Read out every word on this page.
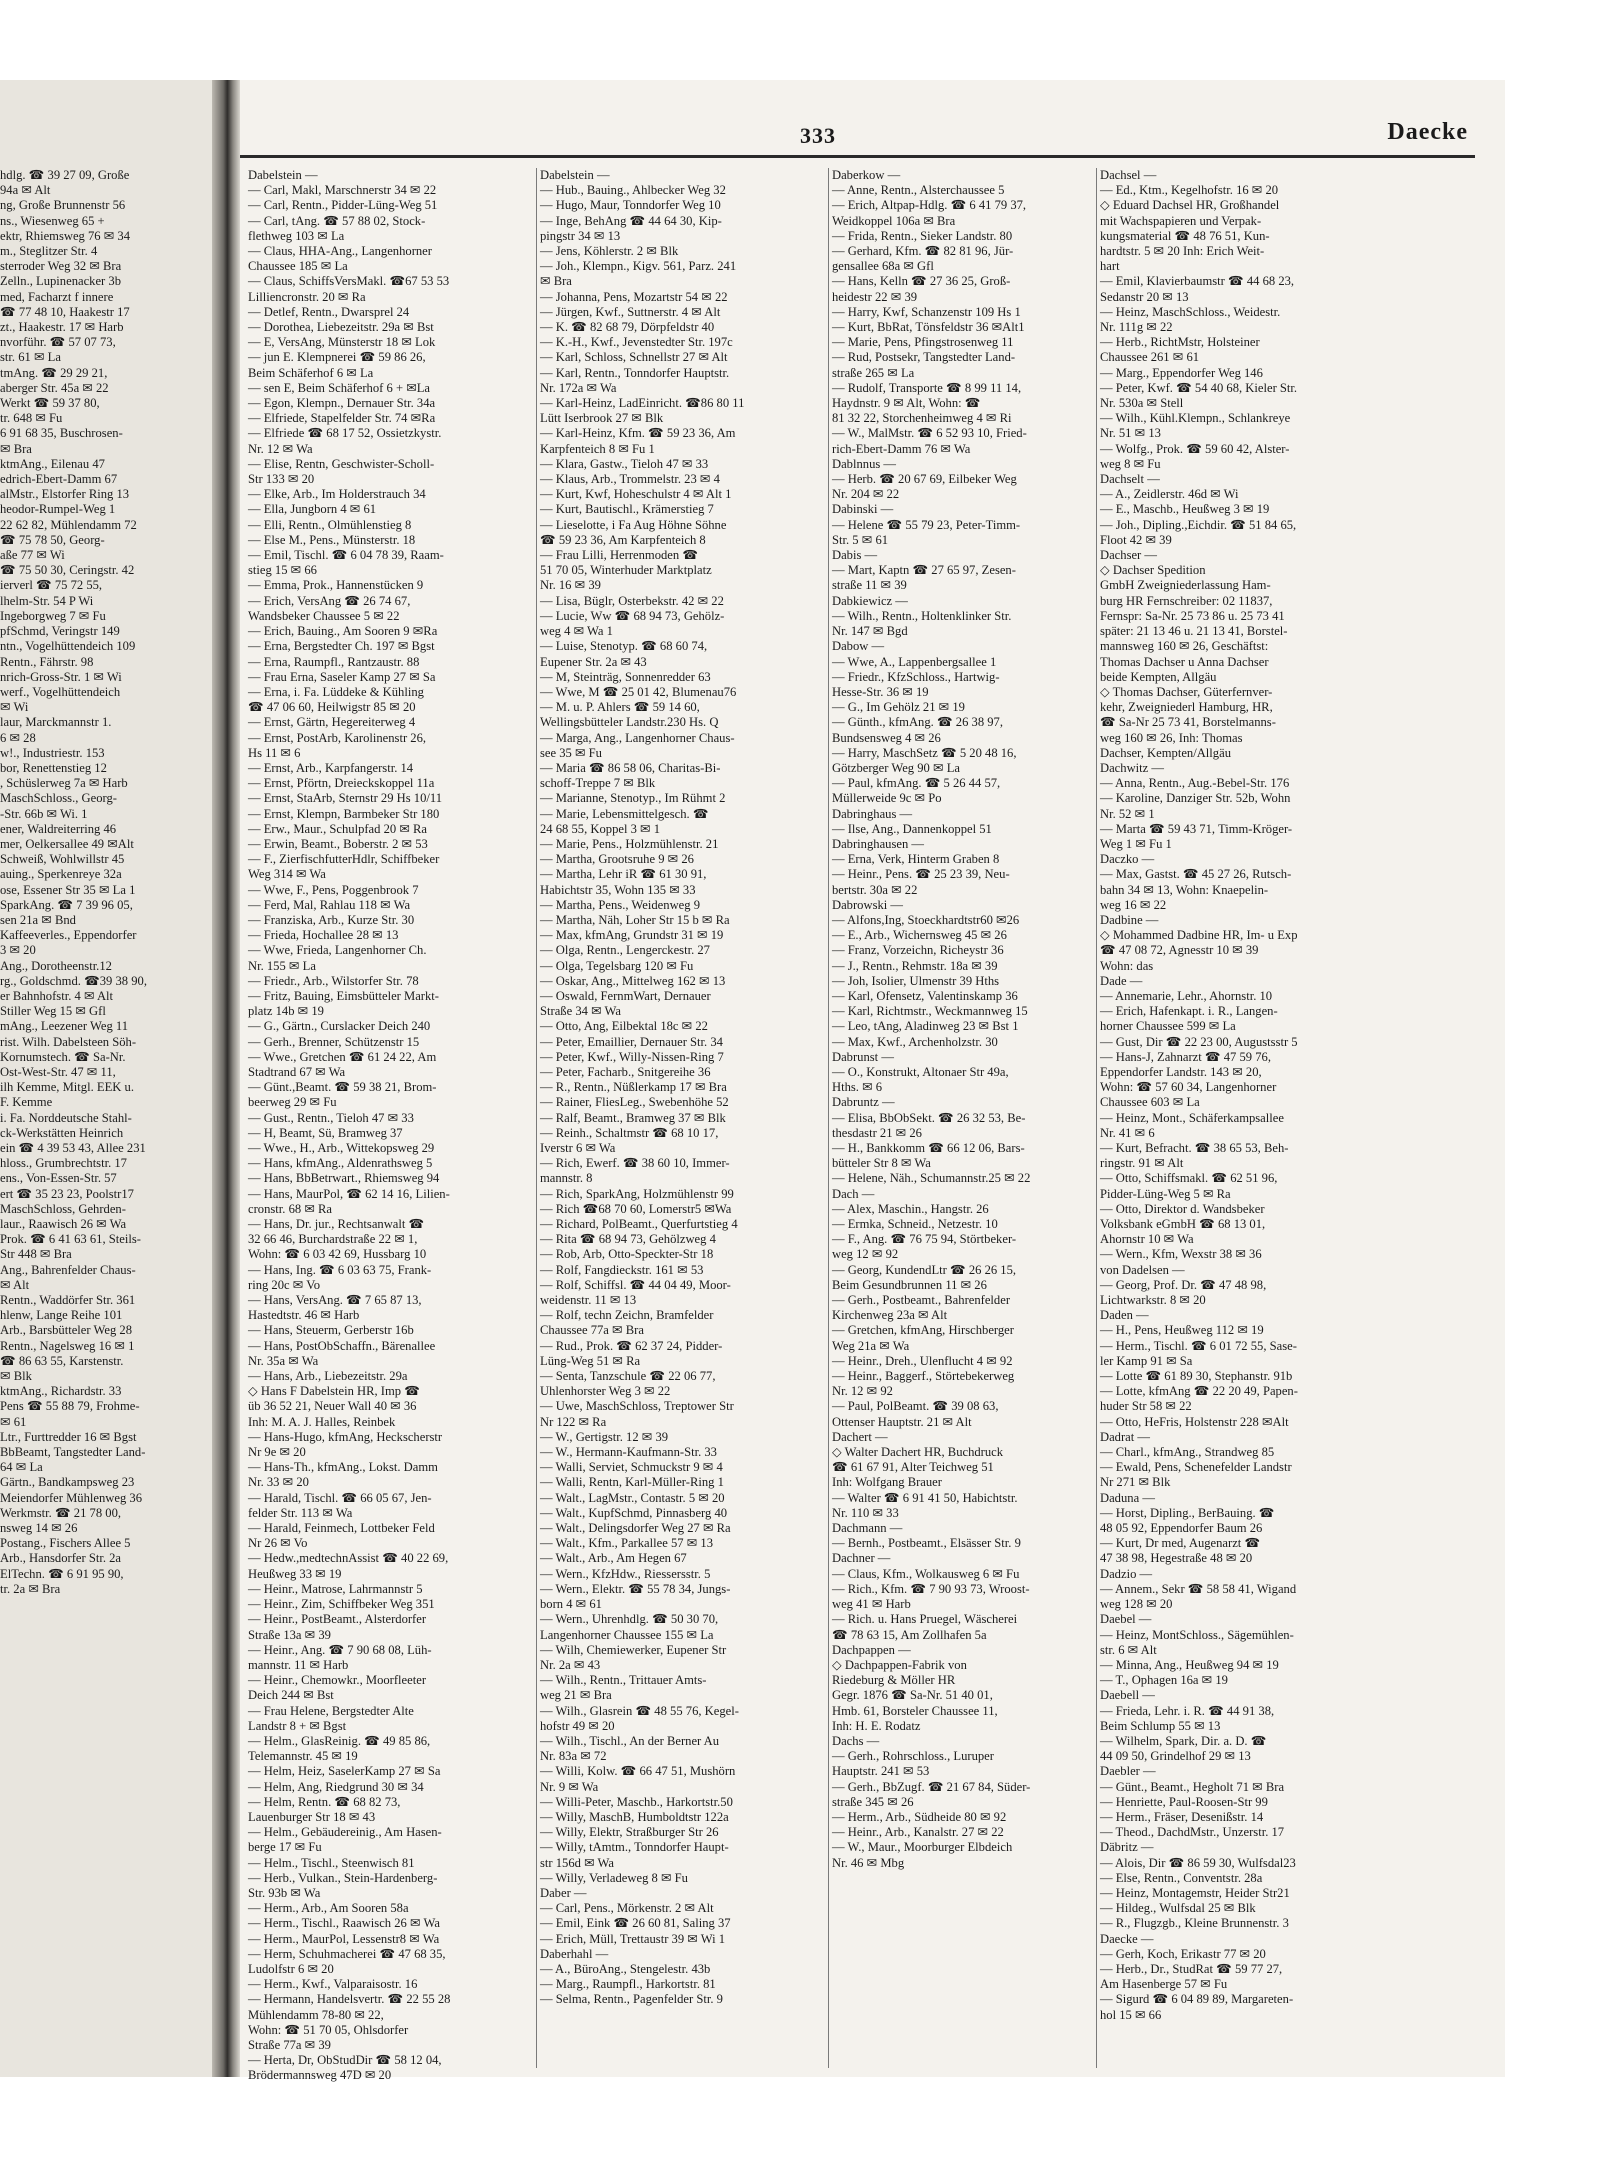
333	Daecke
hdlg. ☎ 39 27 09, Große
94a ✉ Alt
ng, Große Brunnenstr 56
ns., Wiesenweg 65 +
ektr, Rhiemsweg 76 ✉ 34
m., Steglitzer Str. 4
sterroder Weg 32 ✉ Bra
Zelln., Lupinenacker 3b
med, Facharzt f innere
☎ 77 48 10, Haakestr 17
zt., Haakestr. 17 ✉ Harb
nvorführ. ☎ 57 07 73,
str. 61 ✉ La
tmAng. ☎ 29 29 21,
aberger Str. 45a ✉ 22
Werkt ☎ 59 37 80,
tr. 648 ✉ Fu
6 91 68 35, Buschrosen-
✉ Bra
ktmAng., Eilenau 47
edrich-Ebert-Damm 67
alMstr., Elstorfer Ring 13
heodor-Rumpel-Weg 1
22 62 82, Mühlendamm 72
☎ 75 78 50, Georg-
aße 77 ✉ Wi
☎ 75 50 30, Ceringstr. 42
ierverl ☎ 75 72 55,
lhelm-Str. 54 P Wi
Ingeborgweg 7 ✉ Fu
pfSchmd, Veringstr 149
ntn., Vogelhüttendeich 109
Rentn., Fährstr. 98
nrich-Gross-Str. 1 ✉ Wi
werf., Vogelhüttendeich
✉ Wi
laur, Marckmannstr 1.
6 ✉ 28
w!., Industriestr. 153
bor, Renettenstieg 12
, Schüslerweg 7a ✉ Harb
MaschSchloss., Georg-
-Str. 66b ✉ Wi. 1
ener, Waldreiterring 46
mer, Oelkersallee 49 ✉Alt
Schweiß, Wohlwillstr 45
auing., Sperkenreye 32a
ose, Essener Str 35 ✉ La 1
SparkAng. ☎ 7 39 96 05,
sen 21a ✉ Bnd
Kaffeeverles., Eppendorfer
3 ✉ 20
Ang., Dorotheenstr.12
rg., Goldschmd. ☎39 38 90,
er Bahnhofstr. 4 ✉ Alt
Stiller Weg 15 ✉ Gfl
mAng., Leezener Weg 11
rist. Wilh. Dabelsteen Söh-
Kornumstech. ☎ Sa-Nr.
Ost-West-Str. 47 ✉ 11,
ilh Kemme, Mitgl. EEK u.
F. Kemme
i. Fa. Norddeutsche Stahl-
ck-Werkstätten Heinrich
ein ☎ 4 39 53 43, Allee 231
hloss., Grumbrechtstr. 17
ens., Von-Essen-Str. 57
ert ☎ 35 23 23, Poolstr17
MaschSchloss, Gehrden-
laur., Raawisch 26 ✉ Wa
Prok. ☎ 6 41 63 61, Steils-
Str 448 ✉ Bra
Ang., Bahrenfelder Chaus-
✉ Alt
Rentn., Waddörfer Str. 361
hlenw, Lange Reihe 101
Arb., Barsbütteler Weg 28
Rentn., Nagelsweg 16 ✉ 1
☎ 86 63 55, Karstenstr.
✉ Blk
ktmAng., Richardstr. 33
Pens ☎ 55 88 79, Frohme-
✉ 61
Ltr., Furttredder 16 ✉ Bgst
BbBeamt, Tangstedter Land-
64 ✉ La
Gärtn., Bandkampsweg 23
Meiendorfer Mühlenweg 36
Werkmstr. ☎ 21 78 00,
nsweg 14 ✉ 26
Postang., Fischers Allee 5
Arb., Hansdorfer Str. 2a
ElTechn. ☎ 6 91 95 90,
tr. 2a ✉ Bra
Dabelstein —
— Carl, Makl, Marschnerstr 34 ✉ 22
— Carl, Rentn., Pidder-Lüng-Weg 51
— Carl, tAng. ☎ 57 88 02, Stock-
flethweg 103 ✉ La
— Claus, HHA-Ang., Langenhorner
Chaussee 185 ✉ La
— Claus, SchiffsVersMakl. ☎67 53 53
Lilliencronstr. 20 ✉ Ra
— Detlef, Rentn., Dwarsprel 24
— Dorothea, Liebezeitstr. 29a ✉ Bst
— E, VersAng, Münsterstr 18 ✉ Lok
— jun E. Klempnerei ☎ 59 86 26,
Beim Schäferhof 6 ✉ La
— sen E, Beim Schäferhof 6 + ✉La
— Egon, Klempn., Dernauer Str. 34a
— Elfriede, Stapelfelder Str. 74 ✉Ra
— Elfriede ☎ 68 17 52, Ossietzkystr.
Nr. 12 ✉ Wa
— Elise, Rentn, Geschwister-Scholl-
Str 133 ✉ 20
— Elke, Arb., Im Holderstrauch 34
— Ella, Jungborn 4 ✉ 61
— Elli, Rentn., Olmühlenstieg 8
— Else M., Pens., Münsterstr. 18
— Emil, Tischl. ☎ 6 04 78 39, Raam-
stieg 15 ✉ 66
— Emma, Prok., Hannenstücken 9
— Erich, VersAng ☎ 26 74 67,
Wandsbeker Chaussee 5 ✉ 22
— Erich, Bauing., Am Sooren 9 ✉Ra
— Erna, Bergstedter Ch. 197 ✉ Bgst
— Erna, Raumpfl., Rantzaustr. 88
— Frau Erna, Saseler Kamp 27 ✉ Sa
— Erna, i. Fa. Lüddeke & Kühling
☎ 47 06 60, Heilwigstr 85 ✉ 20
— Ernst, Gärtn, Hegereiterweg 4
— Ernst, PostArb, Karolinenstr 26,
Hs 11 ✉ 6
— Ernst, Arb., Karpfangerstr. 14
— Ernst, Pförtn, Dreieckskoppel 11a
— Ernst, StaArb, Sternstr 29 Hs 10/11
— Ernst, Klempn, Barmbeker Str 180
— Erw., Maur., Schulpfad 20 ✉ Ra
— Erwin, Beamt., Boberstr. 2 ✉ 53
— F., ZierfischfutterHdlr, Schiffbeker
Weg 314 ✉ Wa
— Wwe, F., Pens, Poggenbrook 7
— Ferd, Mal, Rahlau 118 ✉ Wa
— Franziska, Arb., Kurze Str. 30
— Frieda, Hochallee 28 ✉ 13
— Wwe, Frieda, Langenhorner Ch.
Nr. 155 ✉ La
— Friedr., Arb., Wilstorfer Str. 78
— Fritz, Bauing, Eimsbütteler Markt-
platz 14b ✉ 19
— G., Gärtn., Curslacker Deich 240
— Gerh., Brenner, Schützenstr 15
— Wwe., Gretchen ☎ 61 24 22, Am
Stadtrand 67 ✉ Wa
— Günt.,Beamt. ☎ 59 38 21, Brom-
beerweg 29 ✉ Fu
— Gust., Rentn., Tieloh 47 ✉ 33
— H, Beamt, Sü, Bramweg 37
— Wwe., H., Arb., Wittekopsweg 29
— Hans, kfmAng., Aldenrathsweg 5
— Hans, BbBetrwart., Rhiemsweg 94
— Hans, MaurPol, ☎ 62 14 16, Lilien-
cronstr. 68 ✉ Ra
— Hans, Dr. jur., Rechtsanwalt ☎
32 66 46, Burchardstraße 22 ✉ 1,
Wohn: ☎ 6 03 42 69, Hussbarg 10
— Hans, Ing. ☎ 6 03 63 75, Frank-
ring 20c ✉ Vo
— Hans, VersAng. ☎ 7 65 87 13,
Hastedtstr. 46 ✉ Harb
— Hans, Steuerm, Gerberstr 16b
— Hans, PostObSchaffn., Bärenallee
Nr. 35a ✉ Wa
— Hans, Arb., Liebezeitstr. 29a
◇ Hans F Dabelstein HR, Imp ☎
üb 36 52 21, Neuer Wall 40 ✉ 36
Inh: M. A. J. Halles, Reinbek
— Hans-Hugo, kfmAng, Heckscherstr
Nr 9e ✉ 20
— Hans-Th., kfmAng., Lokst. Damm
Nr. 33 ✉ 20
— Harald, Tischl. ☎ 66 05 67, Jen-
felder Str. 113 ✉ Wa
— Harald, Feinmech, Lottbeker Feld
Nr 26 ✉ Vo
— Hedw.,medtechnAssist ☎ 40 22 69,
Heußweg 33 ✉ 19
— Heinr., Matrose, Lahrmannstr 5
— Heinr., Zim, Schiffbeker Weg 351
— Heinr., PostBeamt., Alsterdorfer
Straße 13a ✉ 39
— Heinr., Ang. ☎ 7 90 68 08, Lüh-
mannstr. 11 ✉ Harb
— Heinr., Chemowkr., Moorfleeter
Deich 244 ✉ Bst
— Frau Helene, Bergstedter Alte
Landstr 8 + ✉ Bgst
— Helm., GlasReinig. ☎ 49 85 86,
Telemannstr. 45 ✉ 19
— Helm, Heiz, SaselerKamp 27 ✉ Sa
— Helm, Ang, Riedgrund 30 ✉ 34
— Helm, Rentn. ☎ 68 82 73,
Lauenburger Str 18 ✉ 43
— Helm., Gebäudereinig., Am Hasen-
berge 17 ✉ Fu
— Helm., Tischl., Steenwisch 81
— Herb., Vulkan., Stein-Hardenberg-
Str. 93b ✉ Wa
— Herm., Arb., Am Sooren 58a
— Herm., Tischl., Raawisch 26 ✉ Wa
— Herm., MaurPol, Lessenstr8 ✉ Wa
— Herm, Schuhmacherei ☎ 47 68 35,
Ludolfstr 6 ✉ 20
— Herm., Kwf., Valparaisostr. 16
— Hermann, Handelsvertr. ☎ 22 55 28
Mühlendamm 78-80 ✉ 22,
Wohn: ☎ 51 70 05, Ohlsdorfer
Straße 77a ✉ 39
— Herta, Dr, ObStudDir ☎ 58 12 04,
Brödermannsweg 47D ✉ 20
Dabelstein —
— Hub., Bauing., Ahlbecker Weg 32
— Hugo, Maur, Tonndorfer Weg 10
— Inge, BehAng ☎ 44 64 30, Kip-
pingstr 34 ✉ 13
— Jens, Köhlerstr. 2 ✉ Blk
— Joh., Klempn., Kigv. 561, Parz. 241
✉ Bra
— Johanna, Pens, Mozartstr 54 ✉ 22
— Jürgen, Kwf., Suttnerstr. 4 ✉ Alt
— K. ☎ 82 68 79, Dörpfeldstr 40
— K.-H., Kwf., Jevenstedter Str. 197c
— Karl, Schloss, Schnellstr 27 ✉ Alt
— Karl, Rentn., Tonndorfer Hauptstr.
Nr. 172a ✉ Wa
— Karl-Heinz, LadEinricht. ☎86 80 11
Lütt Iserbrook 27 ✉ Blk
— Karl-Heinz, Kfm. ☎ 59 23 36, Am
Karpfenteich 8 ✉ Fu 1
— Klara, Gastw., Tieloh 47 ✉ 33
— Klaus, Arb., Trommelstr. 23 ✉ 4
— Kurt, Kwf, Hoheschulstr 4 ✉ Alt 1
— Kurt, Bautischl., Krämerstieg 7
— Lieselotte, i Fa Aug Höhne Söhne
☎ 59 23 36, Am Karpfenteich 8
— Frau Lilli, Herrenmoden ☎
51 70 05, Winterhuder Marktplatz
Nr. 16 ✉ 39
— Lisa, Büglr, Osterbekstr. 42 ✉ 22
— Lucie, Ww ☎ 68 94 73, Gehölz-
weg 4 ✉ Wa 1
— Luise, Stenotyp. ☎ 68 60 74,
Eupener Str. 2a ✉ 43
— M, Steinträg, Sonnenredder 63
— Wwe, M ☎ 25 01 42, Blumenau76
— M. u. P. Ahlers ☎ 59 14 60,
Wellingsbütteler Landstr.230 Hs. Q
— Marga, Ang., Langenhorner Chaus-
see 35 ✉ Fu
— Maria ☎ 86 58 06, Charitas-Bi-
schoff-Treppe 7 ✉ Blk
— Marianne, Stenotyp., Im Rühmt 2
— Marie, Lebensmittelgesch. ☎
24 68 55, Koppel 3 ✉ 1
— Marie, Pens., Holzmühlenstr. 21
— Martha, Grootsruhe 9 ✉ 26
— Martha, Lehr iR ☎ 61 30 91,
Habichtstr 35, Wohn 135 ✉ 33
— Martha, Pens., Weidenweg 9
— Martha, Näh, Loher Str 15 b ✉ Ra
— Max, kfmAng, Grundstr 31 ✉ 19
— Olga, Rentn., Lengerckestr. 27
— Olga, Tegelsbarg 120 ✉ Fu
— Oskar, Ang., Mittelweg 162 ✉ 13
— Oswald, FernmWart, Dernauer
Straße 34 ✉ Wa
— Otto, Ang, Eilbektal 18c ✉ 22
— Peter, Emaillier, Dernauer Str. 34
— Peter, Kwf., Willy-Nissen-Ring 7
— Peter, Facharb., Snitgereihe 36
— R., Rentn., Nüßlerkamp 17 ✉ Bra
— Rainer, FliesLeg., Swebenhöhe 52
— Ralf, Beamt., Bramweg 37 ✉ Blk
— Reinh., Schaltmstr ☎ 68 10 17,
Iverstr 6 ✉ Wa
— Rich, Ewerf. ☎ 38 60 10, Immer-
mannstr. 8
— Rich, SparkAng, Holzmühlenstr 99
— Rich ☎68 70 60, Lomerstr5 ✉Wa
— Richard, PolBeamt., Querfurtstieg 4
— Rita ☎ 68 94 73, Gehölzweg 4
— Rob, Arb, Otto-Speckter-Str 18
— Rolf, Fangdieckstr. 161 ✉ 53
— Rolf, Schiffsl. ☎ 44 04 49, Moor-
weidenstr. 11 ✉ 13
— Rolf, techn Zeichn, Bramfelder
Chaussee 77a ✉ Bra
— Rud., Prok. ☎ 62 37 24, Pidder-
Lüng-Weg 51 ✉ Ra
— Senta, Tanzschule ☎ 22 06 77,
Uhlenhorster Weg 3 ✉ 22
— Uwe, MaschSchloss, Treptower Str
Nr 122 ✉ Ra
— W., Gertigstr. 12 ✉ 39
— W., Hermann-Kaufmann-Str. 33
— Walli, Serviet, Schmuckstr 9 ✉ 4
— Walli, Rentn, Karl-Müller-Ring 1
— Walt., LagMstr., Contastr. 5 ✉ 20
— Walt., KupfSchmd, Pinnasberg 40
— Walt., Delingsdorfer Weg 27 ✉ Ra
— Walt., Kfm., Parkallee 57 ✉ 13
— Walt., Arb., Am Hegen 67
— Wern., KfzHdw., Riessersstr. 5
— Wern., Elektr. ☎ 55 78 34, Jungs-
born 4 ✉ 61
— Wern., Uhrenhdlg. ☎ 50 30 70,
Langenhorner Chaussee 155 ✉ La
— Wilh, Chemiewerker, Eupener Str
Nr. 2a ✉ 43
— Wilh., Rentn., Trittauer Amts-
weg 21 ✉ Bra
— Wilh., Glasrein ☎ 48 55 76, Kegel-
hofstr 49 ✉ 20
— Wilh., Tischl., An der Berner Au
Nr. 83a ✉ 72
— Willi, Kolw. ☎ 66 47 51, Mushörn
Nr. 9 ✉ Wa
— Willi-Peter, Maschb., Harkortstr.50
— Willy, MaschB, Humboldtstr 122a
— Willy, Elektr, Straßburger Str 26
— Willy, tAmtm., Tonndorfer Haupt-
str 156d ✉ Wa
— Willy, Verladeweg 8 ✉ Fu
Daber —
— Carl, Pens., Mörkenstr. 2 ✉ Alt
— Emil, Eink ☎ 26 60 81, Saling 37
— Erich, Müll, Trettaustr 39 ✉ Wi 1
Daberhahl —
— A., BüroAng., Stengelestr. 43b
— Marg., Raumpfl., Harkortstr. 81
— Selma, Rentn., Pagenfelder Str. 9
Daberkow —
— Anne, Rentn., Alsterchaussee 5
— Erich, Altpap-Hdlg. ☎ 6 41 79 37,
Weidkoppel 106a ✉ Bra
— Frida, Rentn., Sieker Landstr. 80
— Gerhard, Kfm. ☎ 82 81 96, Jür-
gensallee 68a ✉ Gfl
— Hans, Kelln ☎ 27 36 25, Groß-
heidestr 22 ✉ 39
— Harry, Kwf, Schanzenstr 109 Hs 1
— Kurt, BbRat, Tönsfeldstr 36 ✉Alt1
— Marie, Pens, Pfingstrosenweg 11
— Rud, Postsekr, Tangstedter Land-
straße 265 ✉ La
— Rudolf, Transporte ☎ 8 99 11 14,
Haydnstr. 9 ✉ Alt, Wohn: ☎
81 32 22, Storchenheimweg 4 ✉ Ri
— W., MalMstr. ☎ 6 52 93 10, Fried-
rich-Ebert-Damm 76 ✉ Wa
Dablnnus —
— Herb. ☎ 20 67 69, Eilbeker Weg
Nr. 204 ✉ 22
Dabinski —
— Helene ☎ 55 79 23, Peter-Timm-
Str. 5 ✉ 61
Dabis —
— Mart, Kaptn ☎ 27 65 97, Zesen-
straße 11 ✉ 39
Dabkiewicz —
— Wilh., Rentn., Holtenklinker Str.
Nr. 147 ✉ Bgd
Dabow —
— Wwe, A., Lappenbergsallee 1
— Friedr., KfzSchloss., Hartwig-
Hesse-Str. 36 ✉ 19
— G., Im Gehölz 21 ✉ 19
— Günth., kfmAng. ☎ 26 38 97,
Bundsensweg 4 ✉ 26
— Harry, MaschSetz ☎ 5 20 48 16,
Götzberger Weg 90 ✉ La
— Paul, kfmAng. ☎ 5 26 44 57,
Müllerweide 9c ✉ Po
Dabringhaus —
— Ilse, Ang., Dannenkoppel 51
Dabringhausen —
— Erna, Verk, Hinterm Graben 8
— Heinr., Pens. ☎ 25 23 39, Neu-
bertstr. 30a ✉ 22
Dabrowski —
— Alfons,Ing, Stoeckhardtstr60 ✉26
— E., Arb., Wichernsweg 45 ✉ 26
— Franz, Vorzeichn, Richeystr 36
— J., Rentn., Rehmstr. 18a ✉ 39
— Joh, Isolier, Ulmenstr 39 Hths
— Karl, Ofensetz, Valentinskamp 36
— Karl, Richtmstr., Weckmannweg 15
— Leo, tAng, Aladinweg 23 ✉ Bst 1
— Max, Kwf., Archenholzstr. 30
Dabrunst —
— O., Konstrukt, Altonaer Str 49a,
Hths. ✉ 6
Dabruntz —
— Elisa, BbObSekt. ☎ 26 32 53, Be-
thesdastr 21 ✉ 26
— H., Bankkomm ☎ 66 12 06, Bars-
bütteler Str 8 ✉ Wa
— Helene, Näh., Schumannstr.25 ✉ 22
Dach —
— Alex, Maschin., Hangstr. 26
— Ermka, Schneid., Netzestr. 10
— F., Ang. ☎ 76 75 94, Störtbeker-
weg 12 ✉ 92
— Georg, KundendLtr ☎ 26 26 15,
Beim Gesundbrunnen 11 ✉ 26
— Gerh., Postbeamt., Bahrenfelder
Kirchenweg 23a ✉ Alt
— Gretchen, kfmAng, Hirschberger
Weg 21a ✉ Wa
— Heinr., Dreh., Ulenflucht 4 ✉ 92
— Heinr., Baggerf., Störtebekerweg
Nr. 12 ✉ 92
— Paul, PolBeamt. ☎ 39 08 63,
Ottenser Hauptstr. 21 ✉ Alt
Dachert —
◇ Walter Dachert HR, Buchdruck
☎ 61 67 91, Alter Teichweg 51
Inh: Wolfgang Brauer
— Walter ☎ 6 91 41 50, Habichtstr.
Nr. 110 ✉ 33
Dachmann —
— Bernh., Postbeamt., Elsässer Str. 9
Dachner —
— Claus, Kfm., Wolkausweg 6 ✉ Fu
— Rich., Kfm. ☎ 7 90 93 73, Wroost-
weg 41 ✉ Harb
— Rich. u. Hans Pruegel, Wäscherei
☎ 78 63 15, Am Zollhafen 5a
Dachpappen —
◇ Dachpappen-Fabrik von
Riedeburg & Möller HR
Gegr. 1876 ☎ Sa-Nr. 51 40 01,
Hmb. 61, Borsteler Chaussee 11,
Inh: H. E. Rodatz
Dachs —
— Gerh., Rohrschloss., Luruper
Hauptstr. 241 ✉ 53
— Gerh., BbZugf. ☎ 21 67 84, Süder-
straße 345 ✉ 26
— Herm., Arb., Südheide 80 ✉ 92
— Heinr., Arb., Kanalstr. 27 ✉ 22
— W., Maur., Moorburger Elbdeich
Nr. 46 ✉ Mbg
Dachsel —
— Ed., Ktm., Kegelhofstr. 16 ✉ 20
◇ Eduard Dachsel HR, Großhandel
mit Wachspapieren und Verpak-
kungsmaterial ☎ 48 76 51, Kun-
hardtstr. 5 ✉ 20 Inh: Erich Weit-
hart
— Emil, Klavierbaumstr ☎ 44 68 23,
Sedanstr 20 ✉ 13
— Heinz, MaschSchloss., Weidestr.
Nr. 111g ✉ 22
— Herb., RichtMstr, Holsteiner
Chaussee 261 ✉ 61
— Marg., Eppendorfer Weg 146
— Peter, Kwf. ☎ 54 40 68, Kieler Str.
Nr. 530a ✉ Stell
— Wilh., Kühl.Klempn., Schlankreye
Nr. 51 ✉ 13
— Wolfg., Prok. ☎ 59 60 42, Alster-
weg 8 ✉ Fu
Dachselt —
— A., Zeidlerstr. 46d ✉ Wi
— E., Maschb., Heußweg 3 ✉ 19
— Joh., Dipling.,Eichdir. ☎ 51 84 65,
Floot 42 ✉ 39
Dachser —
◇ Dachser Spedition
GmbH Zweigniederlassung Ham-
burg HR Fernschreiber: 02 11837,
Fernspr: Sa-Nr. 25 73 86 u. 25 73 41
später: 21 13 46 u. 21 13 41, Borstel-
mannsweg 160 ✉ 26, Geschäftst:
Thomas Dachser u Anna Dachser
beide Kempten, Allgäu
◇ Thomas Dachser, Güterfernver-
kehr, Zweigniederl Hamburg, HR,
☎ Sa-Nr 25 73 41, Borstelmanns-
weg 160 ✉ 26, Inh: Thomas
Dachser, Kempten/Allgäu
Dachwitz —
— Anna, Rentn., Aug.-Bebel-Str. 176
— Karoline, Danziger Str. 52b, Wohn
Nr. 52 ✉ 1
— Marta ☎ 59 43 71, Timm-Kröger-
Weg 1 ✉ Fu 1
Daczko —
— Max, Gastst. ☎ 45 27 26, Rutsch-
bahn 34 ✉ 13, Wohn: Knaepelin-
weg 16 ✉ 22
Dadbine —
◇ Mohammed Dadbine HR, Im- u Exp
☎ 47 08 72, Agnesstr 10 ✉ 39
Wohn: das
Dade —
— Annemarie, Lehr., Ahornstr. 10
— Erich, Hafenkapt. i. R., Langen-
horner Chaussee 599 ✉ La
— Gust, Dir ☎ 22 23 00, Augustsstr 5
— Hans-J, Zahnarzt ☎ 47 59 76,
Eppendorfer Landstr. 143 ✉ 20,
Wohn: ☎ 57 60 34, Langenhorner
Chaussee 603 ✉ La
— Heinz, Mont., Schäferkampsallee
Nr. 41 ✉ 6
— Kurt, Befracht. ☎ 38 65 53, Beh-
ringstr. 91 ✉ Alt
— Otto, Schiffsmakl. ☎ 62 51 96,
Pidder-Lüng-Weg 5 ✉ Ra
— Otto, Direktor d. Wandsbeker
Volksbank eGmbH ☎ 68 13 01,
Ahornstr 10 ✉ Wa
— Wern., Kfm, Wexstr 38 ✉ 36
von Dadelsen —
— Georg, Prof. Dr. ☎ 47 48 98,
Lichtwarkstr. 8 ✉ 20
Daden —
— H., Pens, Heußweg 112 ✉ 19
— Herm., Tischl. ☎ 6 01 72 55, Sase-
ler Kamp 91 ✉ Sa
— Lotte ☎ 61 89 30, Stephanstr. 91b
— Lotte, kfmAng ☎ 22 20 49, Papen-
huder Str 58 ✉ 22
— Otto, HeFris, Holstenstr 228 ✉Alt
Dadrat —
— Charl., kfmAng., Strandweg 85
— Ewald, Pens, Schenefelder Landstr
Nr 271 ✉ Blk
Daduna —
— Horst, Dipling., BerBauing. ☎
48 05 92, Eppendorfer Baum 26
— Kurt, Dr med, Augenarzt ☎
47 38 98, Hegestraße 48 ✉ 20
Dadzio —
— Annem., Sekr ☎ 58 58 41, Wigand
weg 128 ✉ 20
Daebel —
— Heinz, MontSchloss., Sägemühlen-
str. 6 ✉ Alt
— Minna, Ang., Heußweg 94 ✉ 19
— T., Ophagen 16a ✉ 19
Daebell —
— Frieda, Lehr. i. R. ☎ 44 91 38,
Beim Schlump 55 ✉ 13
— Wilhelm, Spark, Dir. a. D. ☎
44 09 50, Grindelhof 29 ✉ 13
Daebler —
— Günt., Beamt., Hegholt 71 ✉ Bra
— Henriette, Paul-Roosen-Str 99
— Herm., Fräser, Desenißstr. 14
— Theod., DachdMstr., Unzerstr. 17
Däbritz —
— Alois, Dir ☎ 86 59 30, Wulfsdal23
— Else, Rentn., Conventstr. 28a
— Heinz, Montagemstr, Heider Str21
— Hildeg., Wulfsdal 25 ✉ Blk
— R., Flugzgb., Kleine Brunnenstr. 3
Daecke —
— Gerh, Koch, Erikastr 77 ✉ 20
— Herb., Dr., StudRat ☎ 59 77 27,
Am Hasenberge 57 ✉ Fu
— Sigurd ☎ 6 04 89 89, Margareten-
hol 15 ✉ 66
